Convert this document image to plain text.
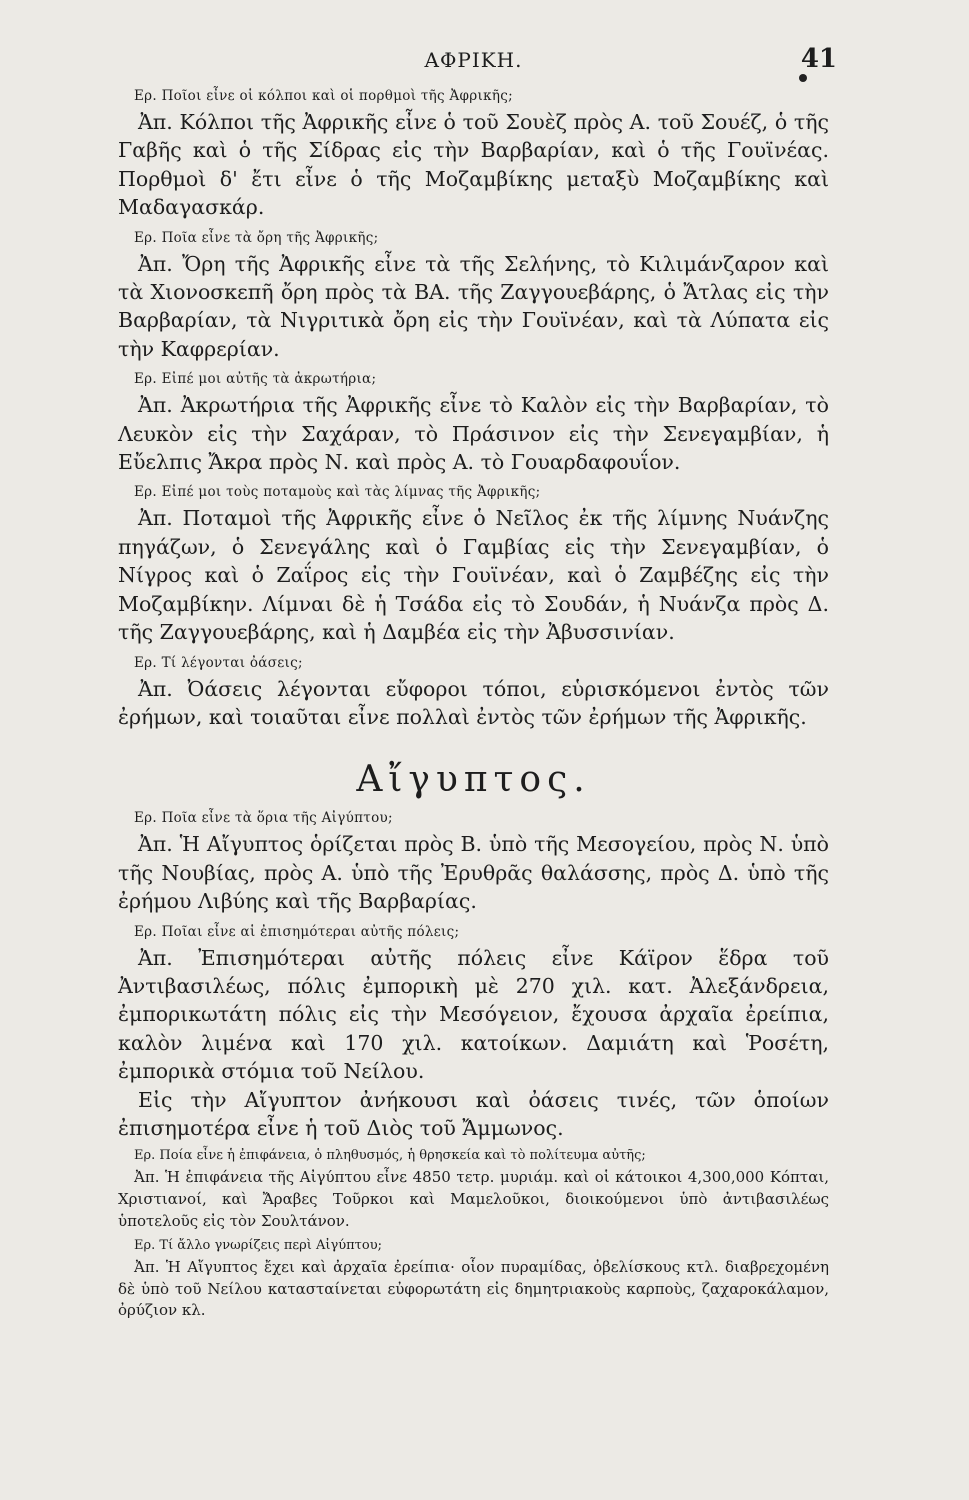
ΑΦΡΙΚΗ.	41

Ερ. Ποῖοι εἶνε οἱ κόλποι καὶ οἱ πορθμοὶ τῆς Ἀφρικῆς;

Ἀπ. Κόλποι τῆς Ἀφρικῆς εἶνε ὁ τοῦ Σουὲζ πρὸς Α. τοῦ Σουέζ, ὁ τῆς Γαβῆς καὶ ὁ τῆς Σίδρας εἰς τὴν Βαρβαρίαν, καὶ ὁ τῆς Γουϊνέας. Πορθμοὶ δ' ἔτι εἶνε ὁ τῆς Μοζαμβίκης μεταξὺ Μοζαμβίκης καὶ Μαδαγασκάρ.

Ερ. Ποῖα εἶνε τὰ ὄρη τῆς Ἀφρικῆς;

Ἀπ. Ὄρη τῆς Ἀφρικῆς εἶνε τὰ τῆς Σελήνης, τὸ Κιλιμάνζαρον καὶ τὰ Χιονοσκεπῆ ὄρη πρὸς τὰ ΒΑ. τῆς Ζαγγουεβάρης, ὁ Ἄτλας εἰς τὴν Βαρβαρίαν, τὰ Νιγριτικὰ ὄρη εἰς τὴν Γουϊνέαν, καὶ τὰ Λύπατα εἰς τὴν Καφρερίαν.

Ερ. Εἰπέ μοι αὐτῆς τὰ ἀκρωτήρια;

Ἀπ. Ἀκρωτήρια τῆς Ἀφρικῆς εἶνε τὸ Καλὸν εἰς τὴν Βαρβαρίαν, τὸ Λευκὸν εἰς τὴν Σαχάραν, τὸ Πράσινον εἰς τὴν Σενεγαμβίαν, ἡ Εὔελπις Ἄκρα πρὸς Ν. καὶ πρὸς Α. τὸ Γουαρδαφουΐον.

Ερ. Εἰπέ μοι τοὺς ποταμοὺς καὶ τὰς λίμνας τῆς Ἀφρικῆς;

Ἀπ. Ποταμοὶ τῆς Ἀφρικῆς εἶνε ὁ Νεῖλος ἐκ τῆς λίμνης Νυάνζης πηγάζων, ὁ Σενεγάλης καὶ ὁ Γαμβίας εἰς τὴν Σενεγαμβίαν, ὁ Νίγρος καὶ ὁ Ζαΐρος εἰς τὴν Γουϊνέαν, καὶ ὁ Ζαμβέζης εἰς τὴν Μοζαμβίκην. Λίμναι δὲ ἡ Τσάδα εἰς τὸ Σουδάν, ἡ Νυάνζα πρὸς Δ. τῆς Ζαγγουεβάρης, καὶ ἡ Δαμβέα εἰς τὴν Ἀβυσσινίαν.

Ερ. Τί λέγονται ὀάσεις;

Ἀπ. Ὀάσεις λέγονται εὔφοροι τόποι, εὑρισκόμενοι ἐντὸς τῶν ἐρήμων, καὶ τοιαῦται εἶνε πολλαὶ ἐντὸς τῶν ἐρήμων τῆς Ἀφρικῆς.

Αἴγυπτος.

Ερ. Ποῖα εἶνε τὰ ὅρια τῆς Αἰγύπτου;

Ἀπ. Ἡ Αἴγυπτος ὁρίζεται πρὸς Β. ὑπὸ τῆς Μεσογείου, πρὸς Ν. ὑπὸ τῆς Νουβίας, πρὸς Α. ὑπὸ τῆς Ἐρυθρᾶς θαλάσσης, πρὸς Δ. ὑπὸ τῆς ἐρήμου Λιβύης καὶ τῆς Βαρβαρίας.

Ερ. Ποῖαι εἶνε αἱ ἐπισημότεραι αὐτῆς πόλεις;

Ἀπ. Ἐπισημότεραι αὐτῆς πόλεις εἶνε Κάϊρον ἕδρα τοῦ Ἀντιβασιλέως, πόλις ἐμπορικὴ μὲ 270 χιλ. κατ. Ἀλεξάνδρεια, ἐμπορικωτάτη πόλις εἰς τὴν Μεσόγειον, ἔχουσα ἀρχαῖα ἐρείπια, καλὸν λιμένα καὶ 170 χιλ. κατοίκων. Δαμιάτη καὶ Ῥοσέτη, ἐμπορικὰ στόμια τοῦ Νείλου.

Εἰς τὴν Αἴγυπτον ἀνήκουσι καὶ ὀάσεις τινές, τῶν ὁποίων ἐπισημοτέρα εἶνε ἡ τοῦ Διὸς τοῦ Ἄμμωνος.

Ερ. Ποία εἶνε ἡ ἐπιφάνεια, ὁ πληθυσμός, ἡ θρησκεία καὶ τὸ πολίτευμα αὐτῆς;

Ἀπ. Ἡ ἐπιφάνεια τῆς Αἰγύπτου εἶνε 4850 τετρ. μυριάμ. καὶ οἱ κάτοικοι 4,300,000 Κόπται, Χριστιανοί, καὶ Ἄραβες Τοῦρκοι καὶ Μαμελοῦκοι, διοικούμενοι ὑπὸ ἀντιβασιλέως ὑποτελοῦς εἰς τὸν Σουλτάνον.

Ερ. Τί ἄλλο γνωρίζεις περὶ Αἰγύπτου;

Ἀπ. Ἡ Αἴγυπτος ἔχει καὶ ἀρχαῖα ἐρείπια· οἷον πυραμίδας, ὀβελίσκους κτλ. διαβρεχομένη δὲ ὑπὸ τοῦ Νείλου κατασταίνεται εὐφορωτάτη εἰς δημητριακοὺς καρποὺς, ζαχαροκάλαμον, ὀρύζιον κλ.
